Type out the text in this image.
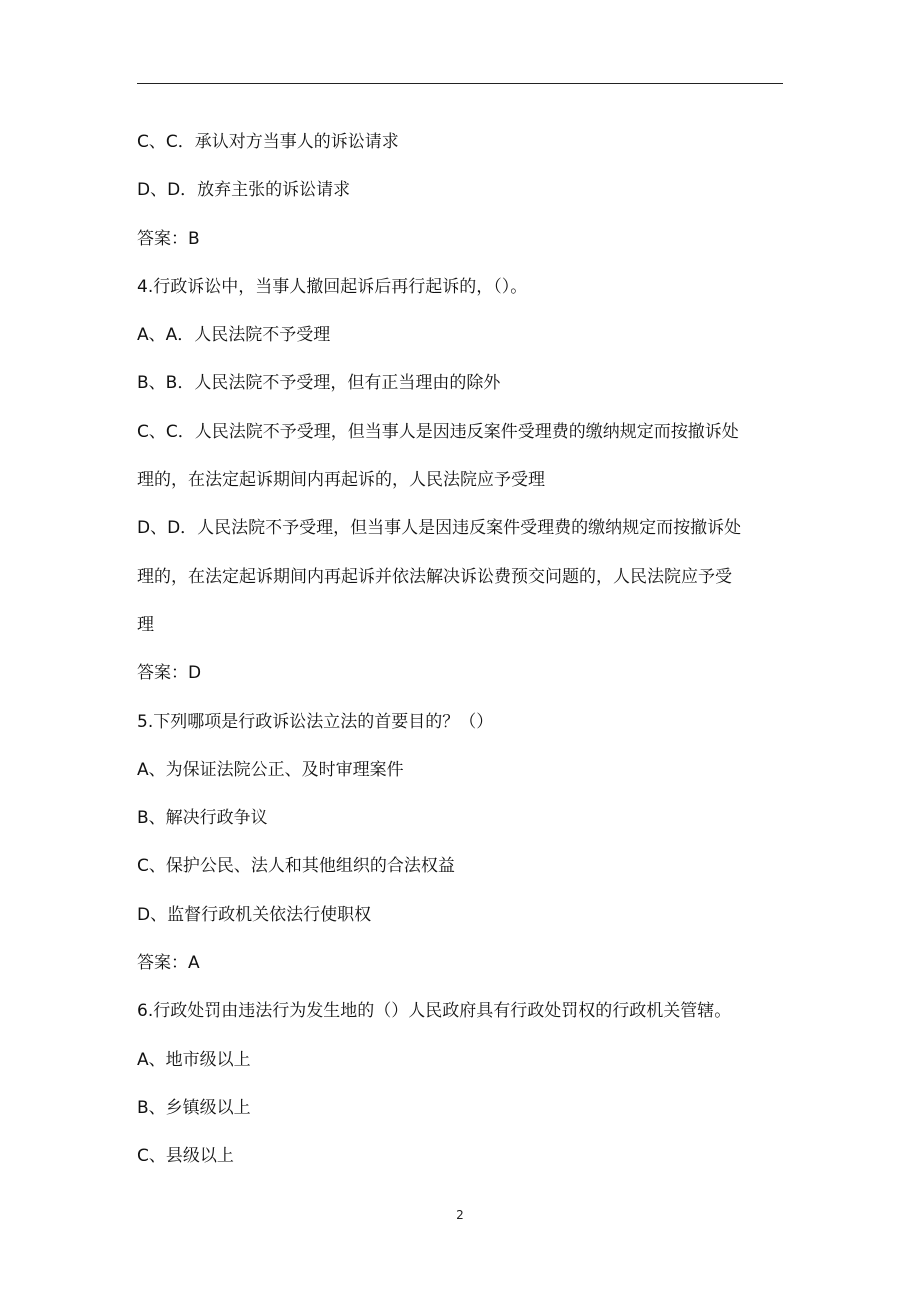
C、C．承认对方当事人的诉讼请求
D、D．放弃主张的诉讼请求
答案：B
4.行政诉讼中，当事人撤回起诉后再行起诉的，（）。
A、A．人民法院不予受理
B、B．人民法院不予受理，但有正当理由的除外
C、C．人民法院不予受理，但当事人是因违反案件受理费的缴纳规定而按撤诉处
理的，在法定起诉期间内再起诉的，人民法院应予受理
D、D．人民法院不予受理，但当事人是因违反案件受理费的缴纳规定而按撤诉处
理的，在法定起诉期间内再起诉并依法解决诉讼费预交问题的，人民法院应予受
理
答案：D
5.下列哪项是行政诉讼法立法的首要目的？（）
A、为保证法院公正、及时审理案件
B、解决行政争议
C、保护公民、法人和其他组织的合法权益
D、监督行政机关依法行使职权
答案：A
6.行政处罚由违法行为发生地的（）人民政府具有行政处罚权的行政机关管辖。
A、地市级以上
B、乡镇级以上
C、县级以上
2
